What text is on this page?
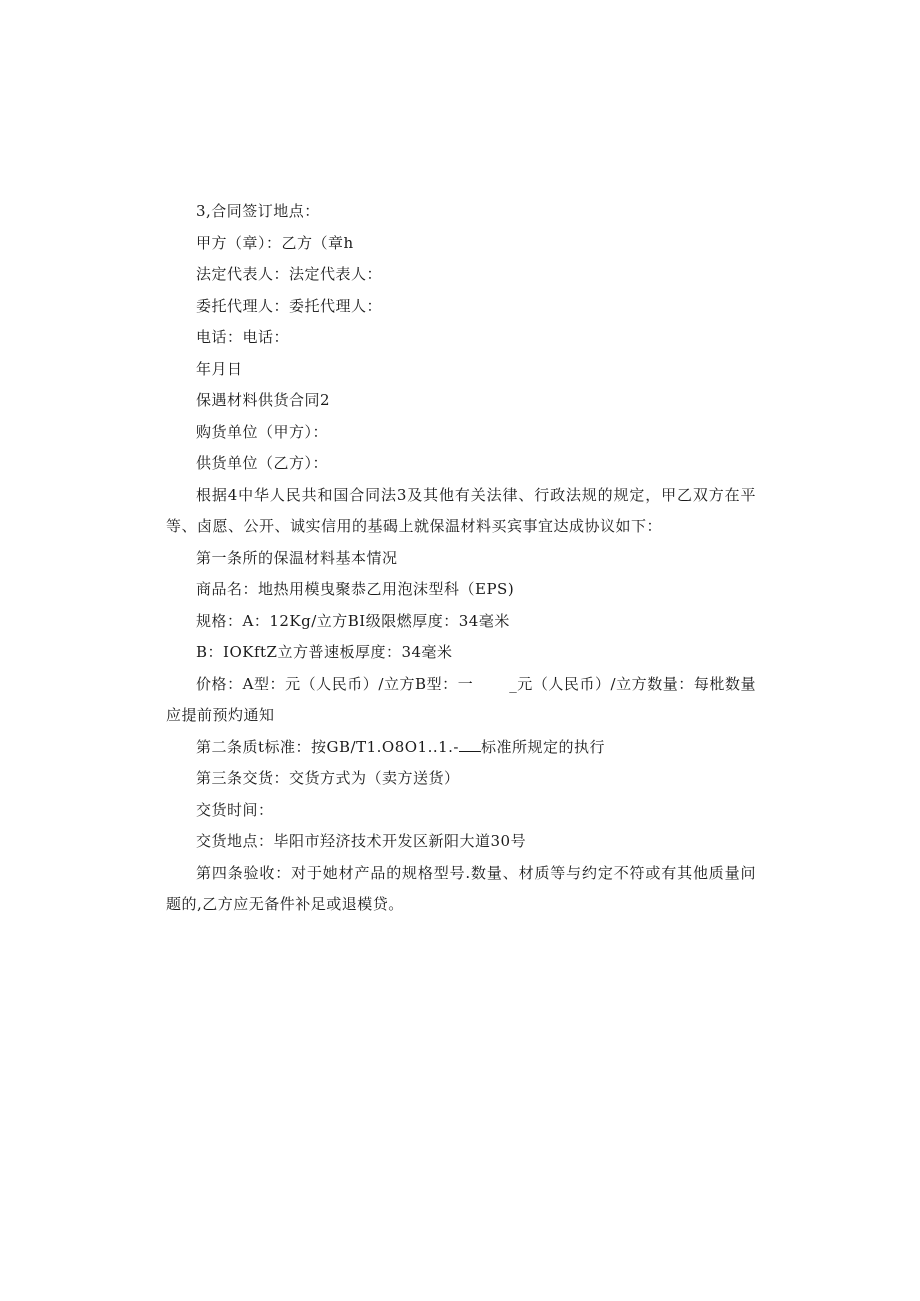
3,合同签订地点：
甲方（章）：乙方（章h
法定代表人：法定代表人：
委托代理人：委托代理人：
电话：电话：
年月日
保遇材料供货合同2
购货单位（甲方）：
供货单位（乙方）：
根据4中华人民共和国合同法3及其他有关法律、行政法规的规定，甲乙双方在平等、卤愿、公开、诚实信用的基碣上就保温材料买宾事宜达成协议如下：
第一条所的保温材料基本情况
商品名：地热用模曳聚恭乙用泡沫型科（EPS)
规格：A：12Kg/立方BI级限燃厚度：34毫米
B：IOKftZ立方普速板厚度：34毫米
价格：A型：元（人民币）/立方B型：一 _元（人民币）/立方数量：每枇数量应提前预灼通知
第二条质t标准：按GB/T1.O8O1..1.- 标准所规定的执行
第三条交货：交货方式为（卖方送货）
交货时间：
交货地点：毕阳市羟济技术开发区新阳大道30号
第四条验收：对于她材产品的规格型号.数量、材质等与约定不符或有其他质量问题的,乙方应无备件补足或退模贷。
